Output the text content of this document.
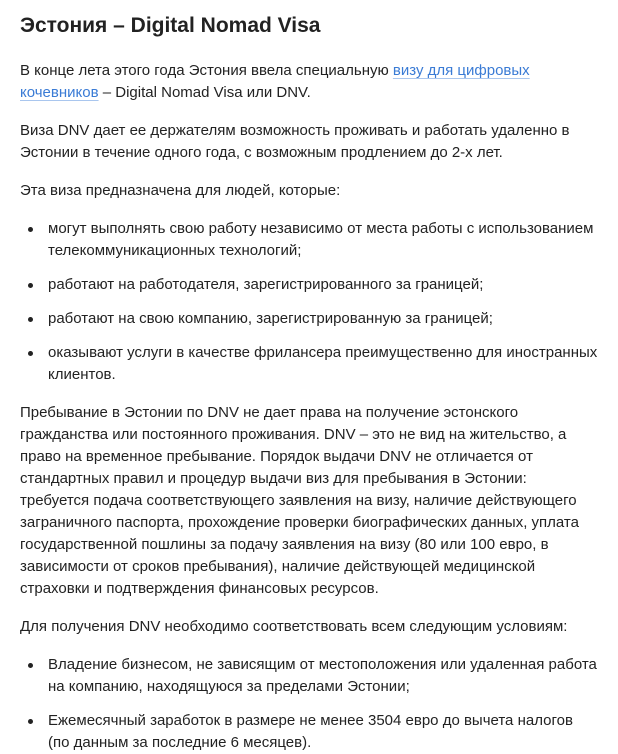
Эстония – Digital Nomad Visa

В конце лета этого года Эстония ввела специальную визу для цифровых кочевников – Digital Nomad Visa или DNV.

Виза DNV дает ее держателям возможность проживать и работать удаленно в Эстонии в течение одного года, с возможным продлением до 2-х лет.

Эта виза предназначена для людей, которые:

могут выполнять свою работу независимо от места работы с использованием телекоммуникационных технологий;
работают на работодателя, зарегистрированного за границей;
работают на свою компанию, зарегистрированную за границей;
оказывают услуги в качестве фрилансера преимущественно для иностранных клиентов.

Пребывание в Эстонии по DNV не дает права на получение эстонского гражданства или постоянного проживания. DNV – это не вид на жительство, а право на временное пребывание. Порядок выдачи DNV не отличается от стандартных правил и процедур выдачи виз для пребывания в Эстонии: требуется подача соответствующего заявления на визу, наличие действующего заграничного паспорта, прохождение проверки биографических данных, уплата государственной пошлины за подачу заявления на визу (80 или 100 евро, в зависимости от сроков пребывания), наличие действующей медицинской страховки и подтверждения финансовых ресурсов.

Для получения DNV необходимо соответствовать всем следующим условиям:

Владение бизнесом, не зависящим от местоположения или удаленная работа на компанию, находящуюся за пределами Эстонии;
Ежемесячный заработок в размере не менее 3504 евро до вычета налогов (по данным за последние 6 месяцев).
